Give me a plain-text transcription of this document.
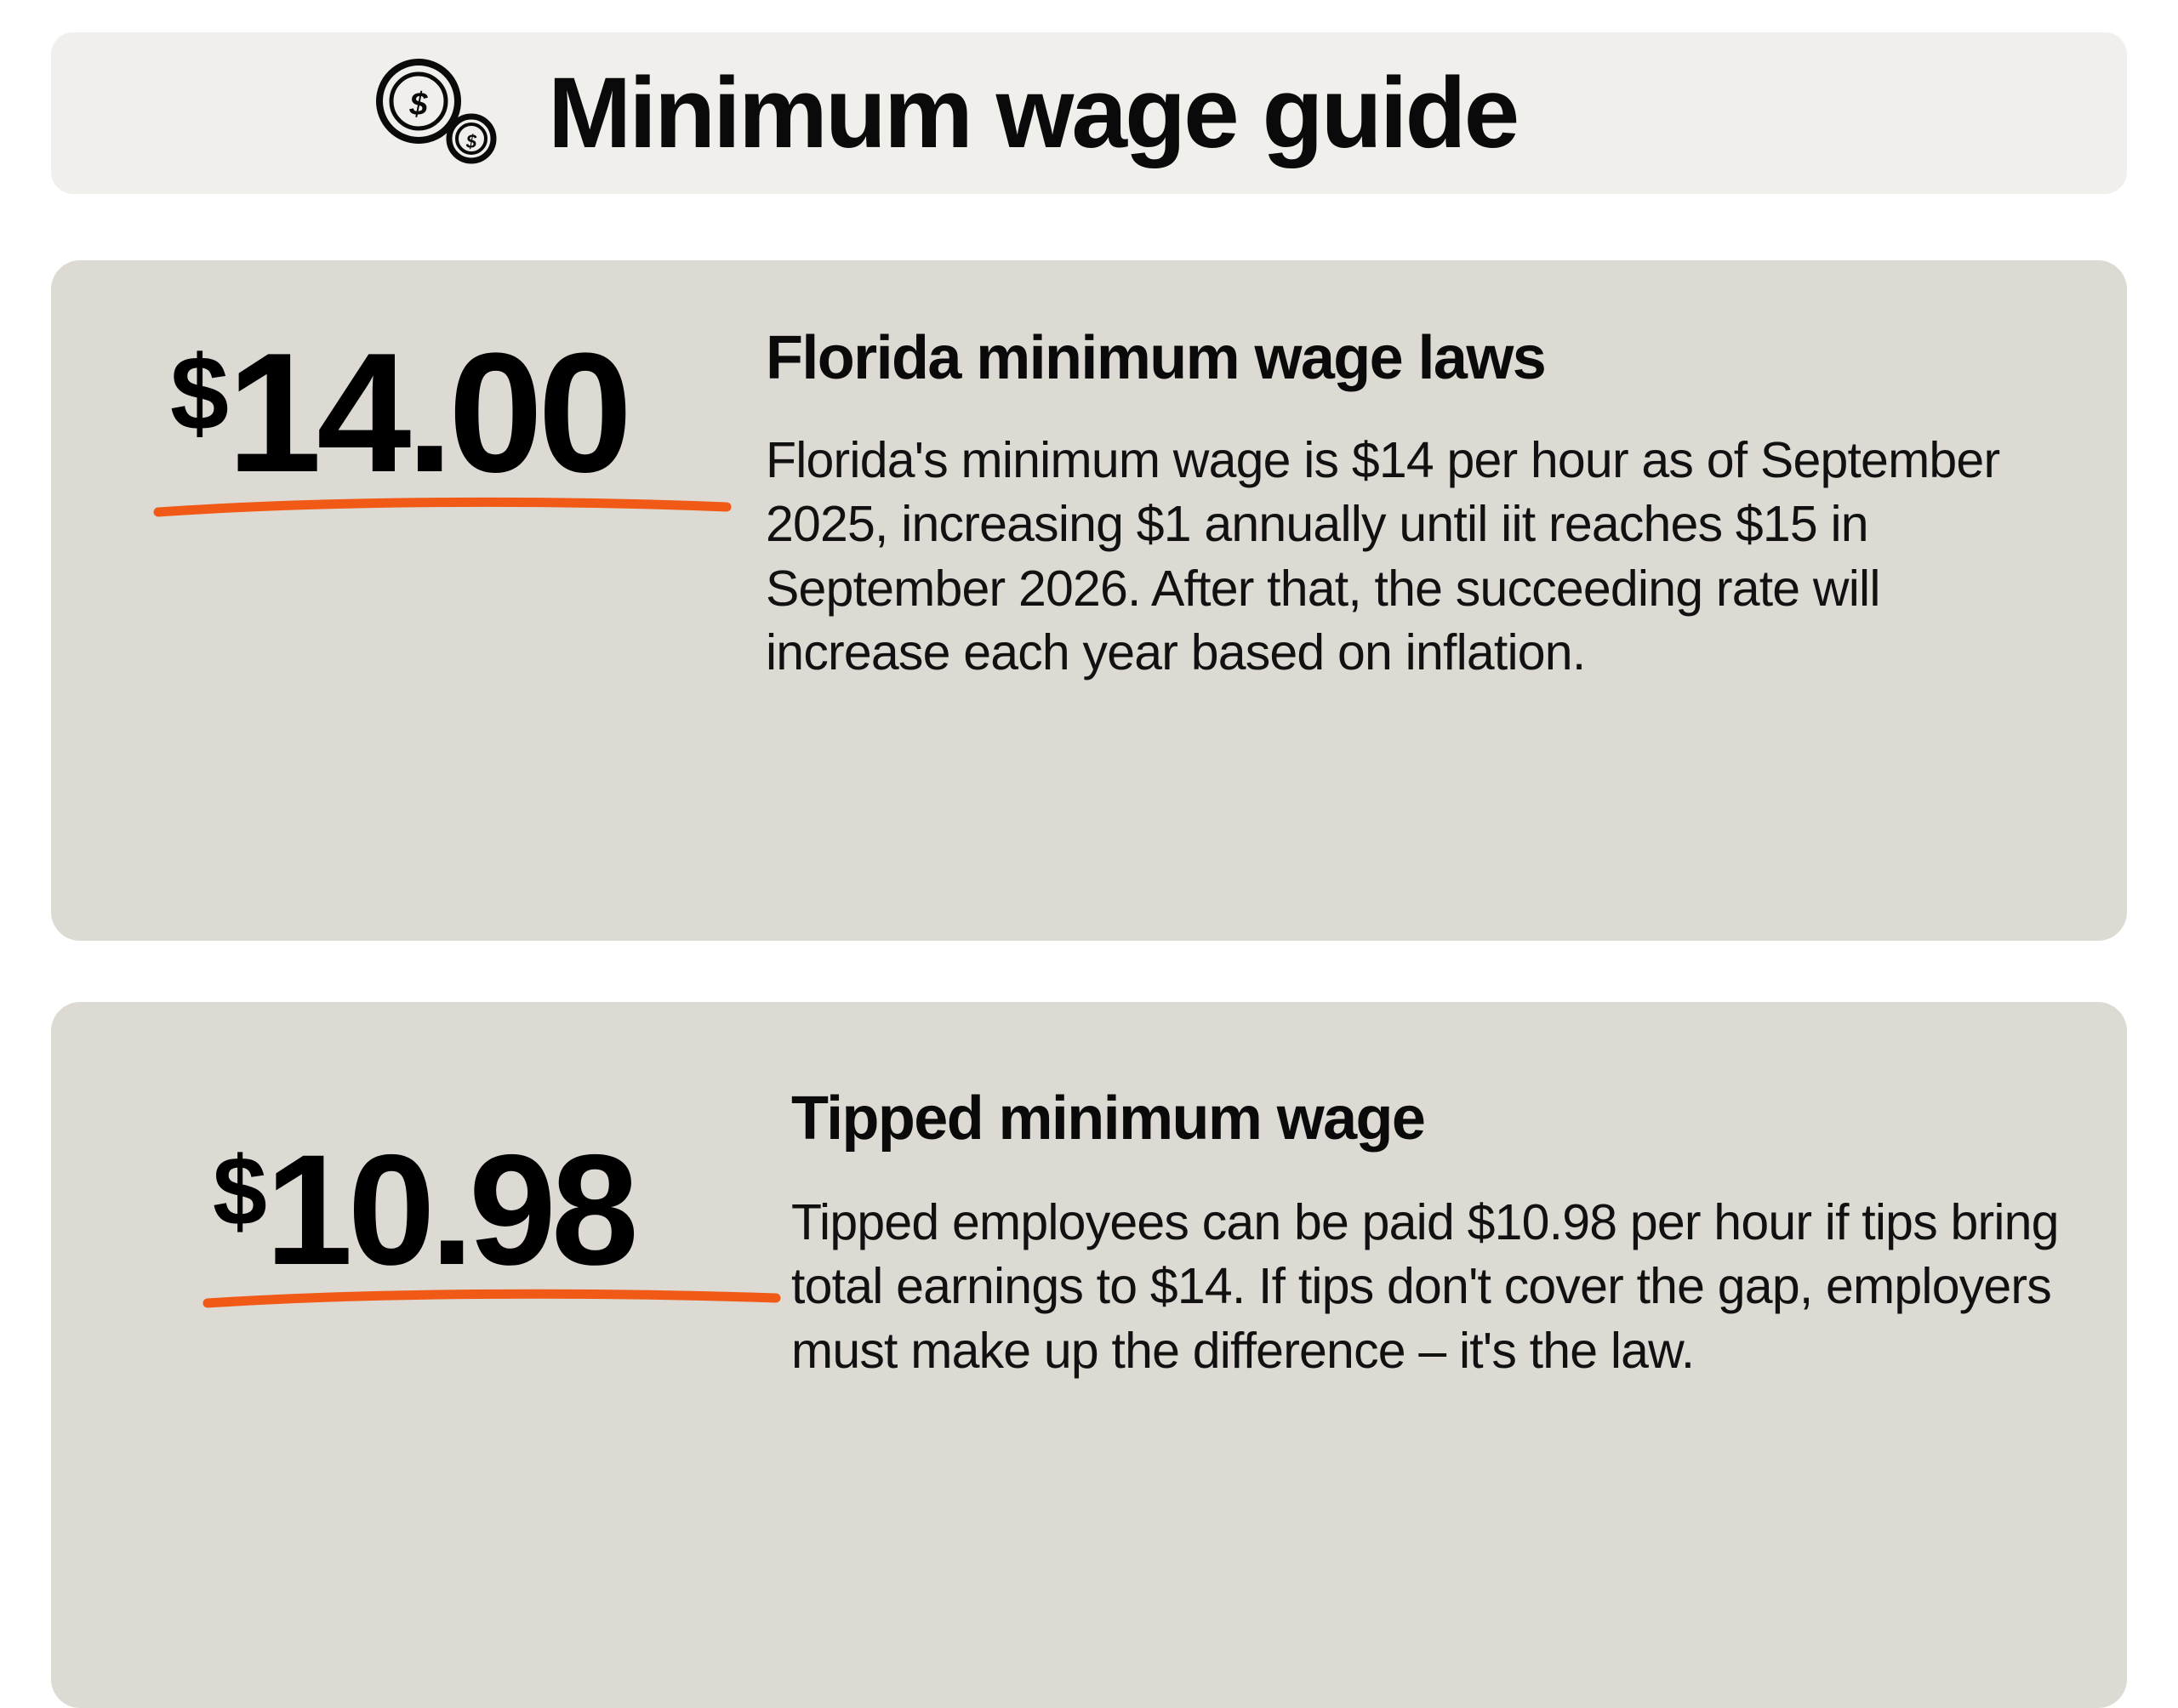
$
$ Minimum wage guide
$14.00	Florida minimum wage laws

Florida's minimum wage is $14 per hour as of September 2025, increasing $1 annually until iit reaches $15 in September 2026. After that, the succeeding rate will increase each year based on inflation.

$10.98
Tipped minimum wage

Tipped employees can be paid $10.98 per hour if tips bring total earnings to $14. If tips don't cover the gap, employers must make up the difference – it's the law.
